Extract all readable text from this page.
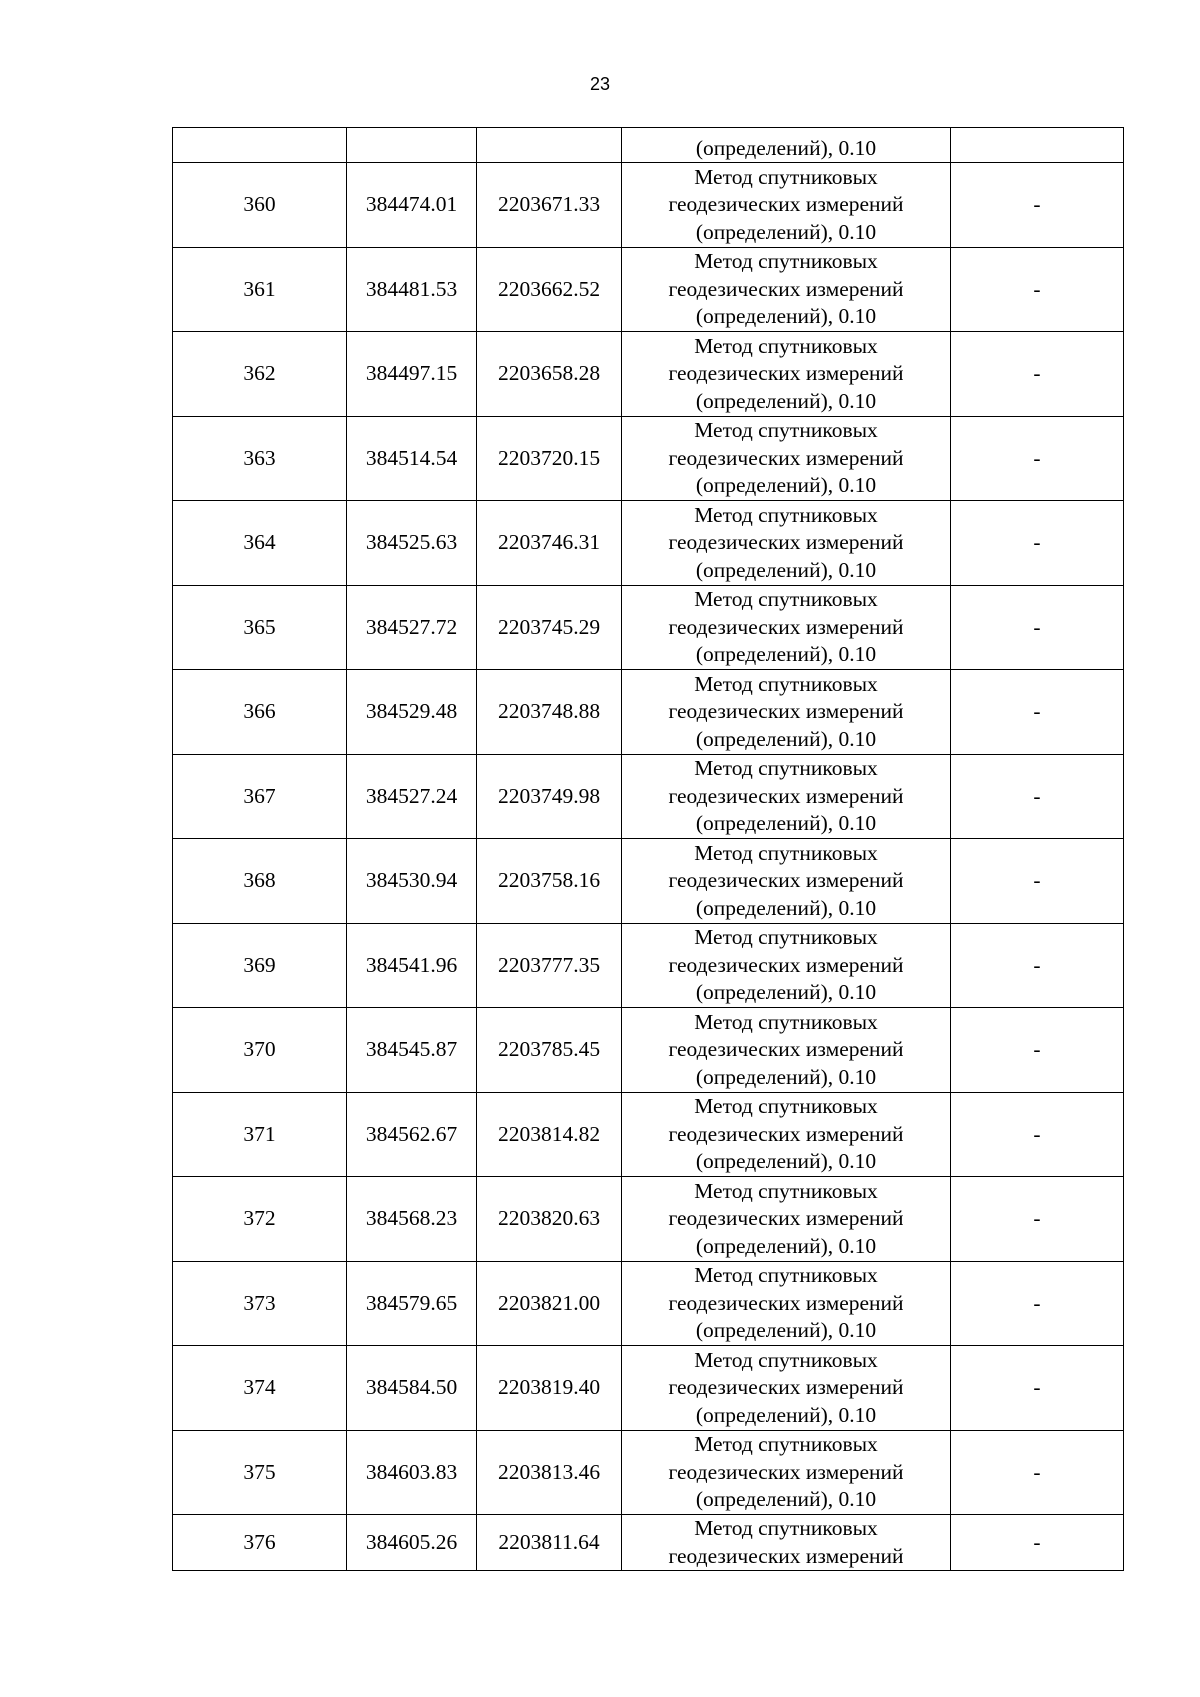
23

			(определений), 0.10	

360	384474.01	2203671.33	Метод спутниковых
геодезических измерений
(определений), 0.10	-
361	384481.53	2203662.52	Метод спутниковых
геодезических измерений
(определений), 0.10	-
362	384497.15	2203658.28	Метод спутниковых
геодезических измерений
(определений), 0.10	-
363	384514.54	2203720.15	Метод спутниковых
геодезических измерений
(определений), 0.10	-
364	384525.63	2203746.31	Метод спутниковых
геодезических измерений
(определений), 0.10	-
365	384527.72	2203745.29	Метод спутниковых
геодезических измерений
(определений), 0.10	-
366	384529.48	2203748.88	Метод спутниковых
геодезических измерений
(определений), 0.10	-
367	384527.24	2203749.98	Метод спутниковых
геодезических измерений
(определений), 0.10	-
368	384530.94	2203758.16	Метод спутниковых
геодезических измерений
(определений), 0.10	-
369	384541.96	2203777.35	Метод спутниковых
геодезических измерений
(определений), 0.10	-
370	384545.87	2203785.45	Метод спутниковых
геодезических измерений
(определений), 0.10	-
371	384562.67	2203814.82	Метод спутниковых
геодезических измерений
(определений), 0.10	-
372	384568.23	2203820.63	Метод спутниковых
геодезических измерений
(определений), 0.10	-
373	384579.65	2203821.00	Метод спутниковых
геодезических измерений
(определений), 0.10	-
374	384584.50	2203819.40	Метод спутниковых
геодезических измерений
(определений), 0.10	-
375	384603.83	2203813.46	Метод спутниковых
геодезических измерений
(определений), 0.10	-
376	384605.26	2203811.64	Метод спутниковых
геодезических измерений	-
